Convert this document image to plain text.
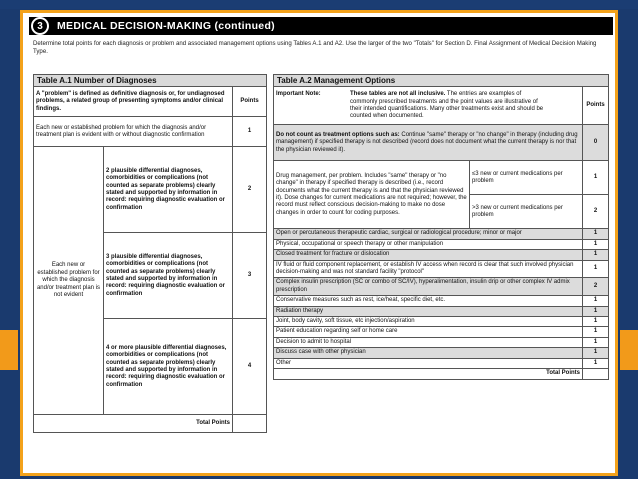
3	MEDICAL DECISION-MAKING (continued)
Determine total points for each diagnosis or problem and associated management options using Tables A.1 and A2. Use the larger of the two "Totals" for Section D. Final Assignment of Medical Decision Making Type.
Table A.1 Number of Diagnoses		
A "problem" is defined as definitive diagnosis or, for undiagnosed problems, a related group of presenting symptoms and/or clinical findings.		Points
Each new or established problem for which the diagnosis and/or treatment plan is evident with or without diagnostic confirmation		1
Each new or established problem for which the diagnosis and/or treatment plan is not evident	2 plausible differential diagnoses, comorbidities or complications (not counted as separate problems) clearly stated and supported by information in record: requiring diagnostic evaluation or confirmation	2
	3 plausible differential diagnoses, comorbidities or complications (not counted as separate problems) clearly stated and supported by information in record: requiring diagnostic evaluation or confirmation	3
	4 or more plausible differential diagnoses, comorbidities or complications (not counted as separate problems) clearly stated and supported by information in record: requiring diagnostic evaluation or confirmation	4
Total Points		
Table A.2 Management Options		
Important Note: These tables are not all inclusive. The entries are examples of commonly prescribed treatments and the point values are illustrative of their intended quantifications. Many other treatments exist and should be counted when documented.		Points
Do not count as treatment options such as: Continue "same" therapy or "no change" in therapy (including drug management) if specified therapy is not described (record does not document what the current therapy is nor that the physician reviewed it).		0
Drug management, per problem. Includes "same" therapy or "no change" in therapy if specified therapy is described (i.e., record documents what the current therapy is and that the physician reviewed it). Dose changes for current medications are not required; however, the record must reflect conscious decision-making to make no dose changes in order to count for coding purposes.	≤3 new or current medications per problem	1
	>3 new or current medications per problem	2
Open or percutaneous therapeutic cardiac, surgical or radiological procedure; minor or major		1
Physical, occupational or speech therapy or other manipulation		1
Closed treatment for fracture or dislocation		1
IV fluid or fluid component replacement, or establish IV access when record is clear that such involved physician decision-making and was not standard facility "protocol"		1
Complex insulin prescription (SC or combo of SC/IV), hyperalimentation, insulin drip or other complex IV admix prescription		2
Conservative measures such as rest, ice/heat, specific diet, etc.		1
Radiation therapy		1
Joint, body cavity, soft tissue, etc injection/aspiration		1
Patient education regarding self or home care		1
Decision to admit to hospital		1
Discuss case with other physician		1
Other		1
Total Points		
